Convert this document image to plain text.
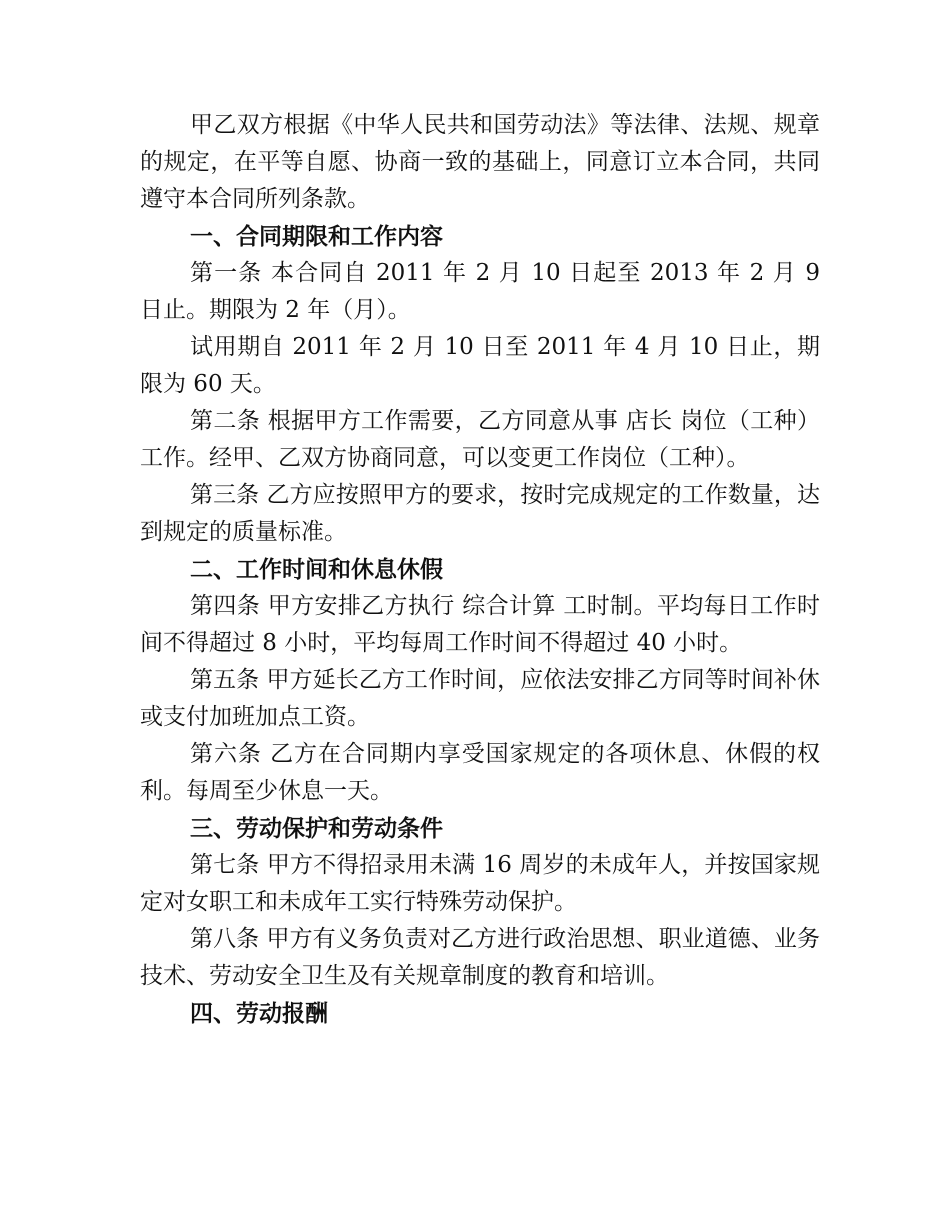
甲乙双方根据《中华人民共和国劳动法》等法律、法规、规章的规定，在平等自愿、协商一致的基础上，同意订立本合同，共同遵守本合同所列条款。

一、合同期限和工作内容

第一条 本合同自 2011 年 2 月 10 日起至 2013 年 2 月 9 日止。期限为 2 年（月）。

试用期自 2011 年 2 月 10 日至 2011 年 4 月 10 日止，期限为 60 天。

第二条 根据甲方工作需要，乙方同意从事 店长 岗位（工种）工作。经甲、乙双方协商同意，可以变更工作岗位（工种）。

第三条 乙方应按照甲方的要求，按时完成规定的工作数量，达到规定的质量标准。

二、工作时间和休息休假

第四条 甲方安排乙方执行 综合计算 工时制。平均每日工作时间不得超过 8 小时，平均每周工作时间不得超过 40 小时。

第五条 甲方延长乙方工作时间，应依法安排乙方同等时间补休或支付加班加点工资。

第六条 乙方在合同期内享受国家规定的各项休息、休假的权利。每周至少休息一天。

三、劳动保护和劳动条件

第七条 甲方不得招录用未满 16 周岁的未成年人，并按国家规定对女职工和未成年工实行特殊劳动保护。

第八条 甲方有义务负责对乙方进行政治思想、职业道德、业务技术、劳动安全卫生及有关规章制度的教育和培训。

四、劳动报酬
